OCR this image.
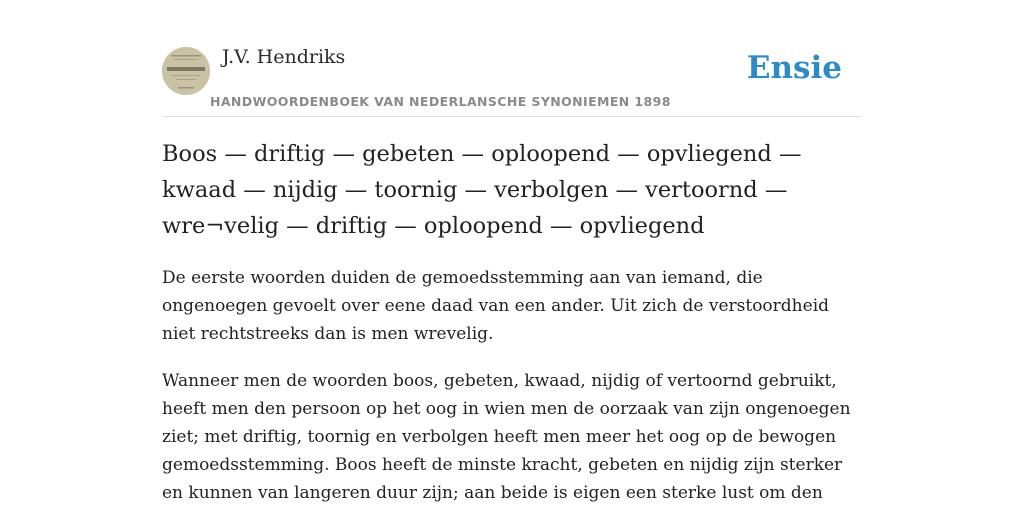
J.V. Hendriks
HANDWOORDENBOEK VAN NEDERLANSCHE SYNONIEMEN 1898
Ensie
Boos — driftig — gebeten — oploopend — opvliegend — kwaad — nijdig — toornig — verbolgen — vertoornd — wre¬velig — driftig — oploopend — opvliegend

De eerste woorden duiden de gemoedsstemming aan van iemand, die ongenoegen gevoelt over eene daad van een ander. Uit zich de verstoordheid niet rechtstreeks dan is men wrevelig.

Wanneer men de woorden boos, gebeten, kwaad, nijdig of vertoornd gebruikt, heeft men den persoon op het oog in wien men de oorzaak van zijn ongenoegen ziet; met driftig, toornig en verbolgen heeft men meer het oog op de bewogen gemoedsstemming. Boos heeft de minste kracht, gebeten en nijdig zijn sterker en kunnen van langeren duur zijn; aan beide is eigen een sterke lust om den
